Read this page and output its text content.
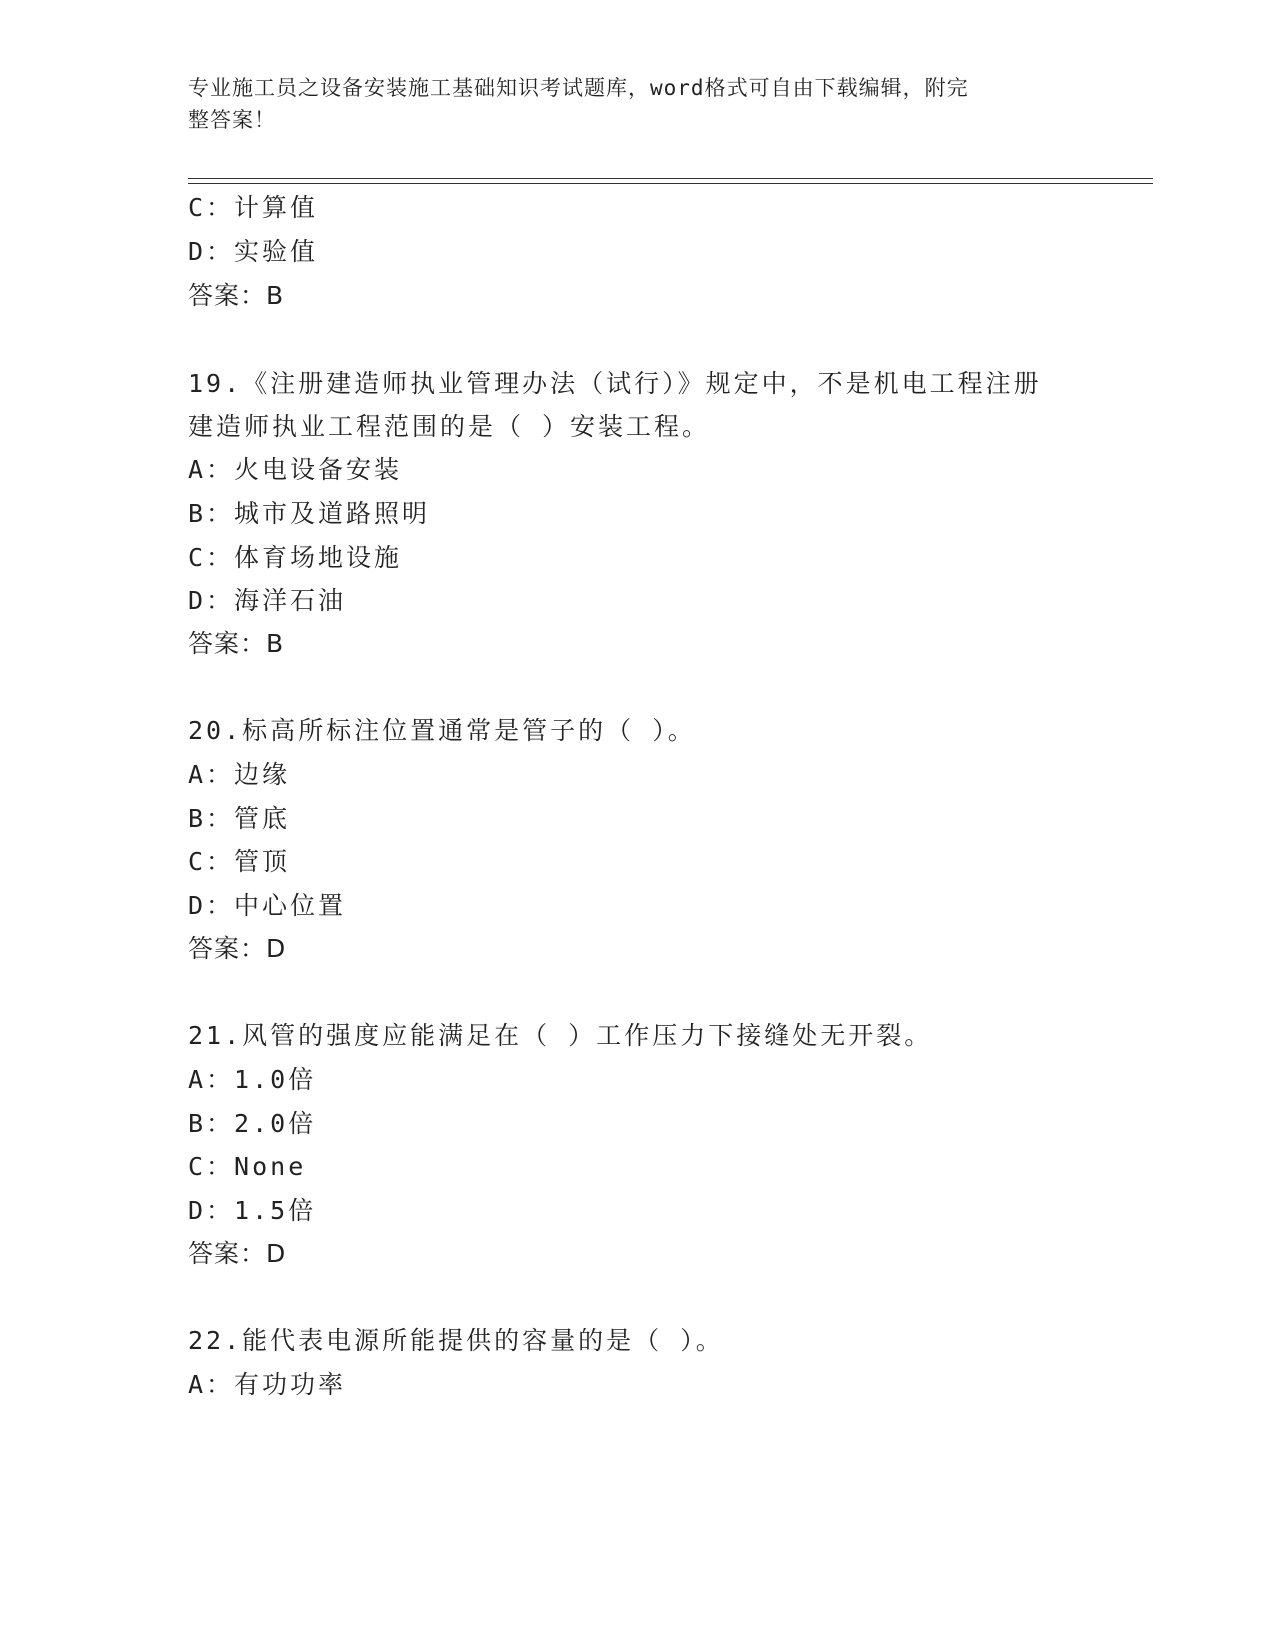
专业施工员之设备安装施工基础知识考试题库，word格式可自由下载编辑，附完
整答案！
C：计算值
D：实验值
答案：B
19.《注册建造师执业管理办法（试行）》规定中，不是机电工程注册
建造师执业工程范围的是（ ）安装工程。
A：火电设备安装
B：城市及道路照明
C：体育场地设施
D：海洋石油
答案：B
20.标高所标注位置通常是管子的（ ）。
A：边缘
B：管底
C：管顶
D：中心位置
答案：D
21.风管的强度应能满足在（ ）工作压力下接缝处无开裂。
A：1.0倍
B：2.0倍
C：None
D：1.5倍
答案：D
22.能代表电源所能提供的容量的是（ ）。
A：有功功率
